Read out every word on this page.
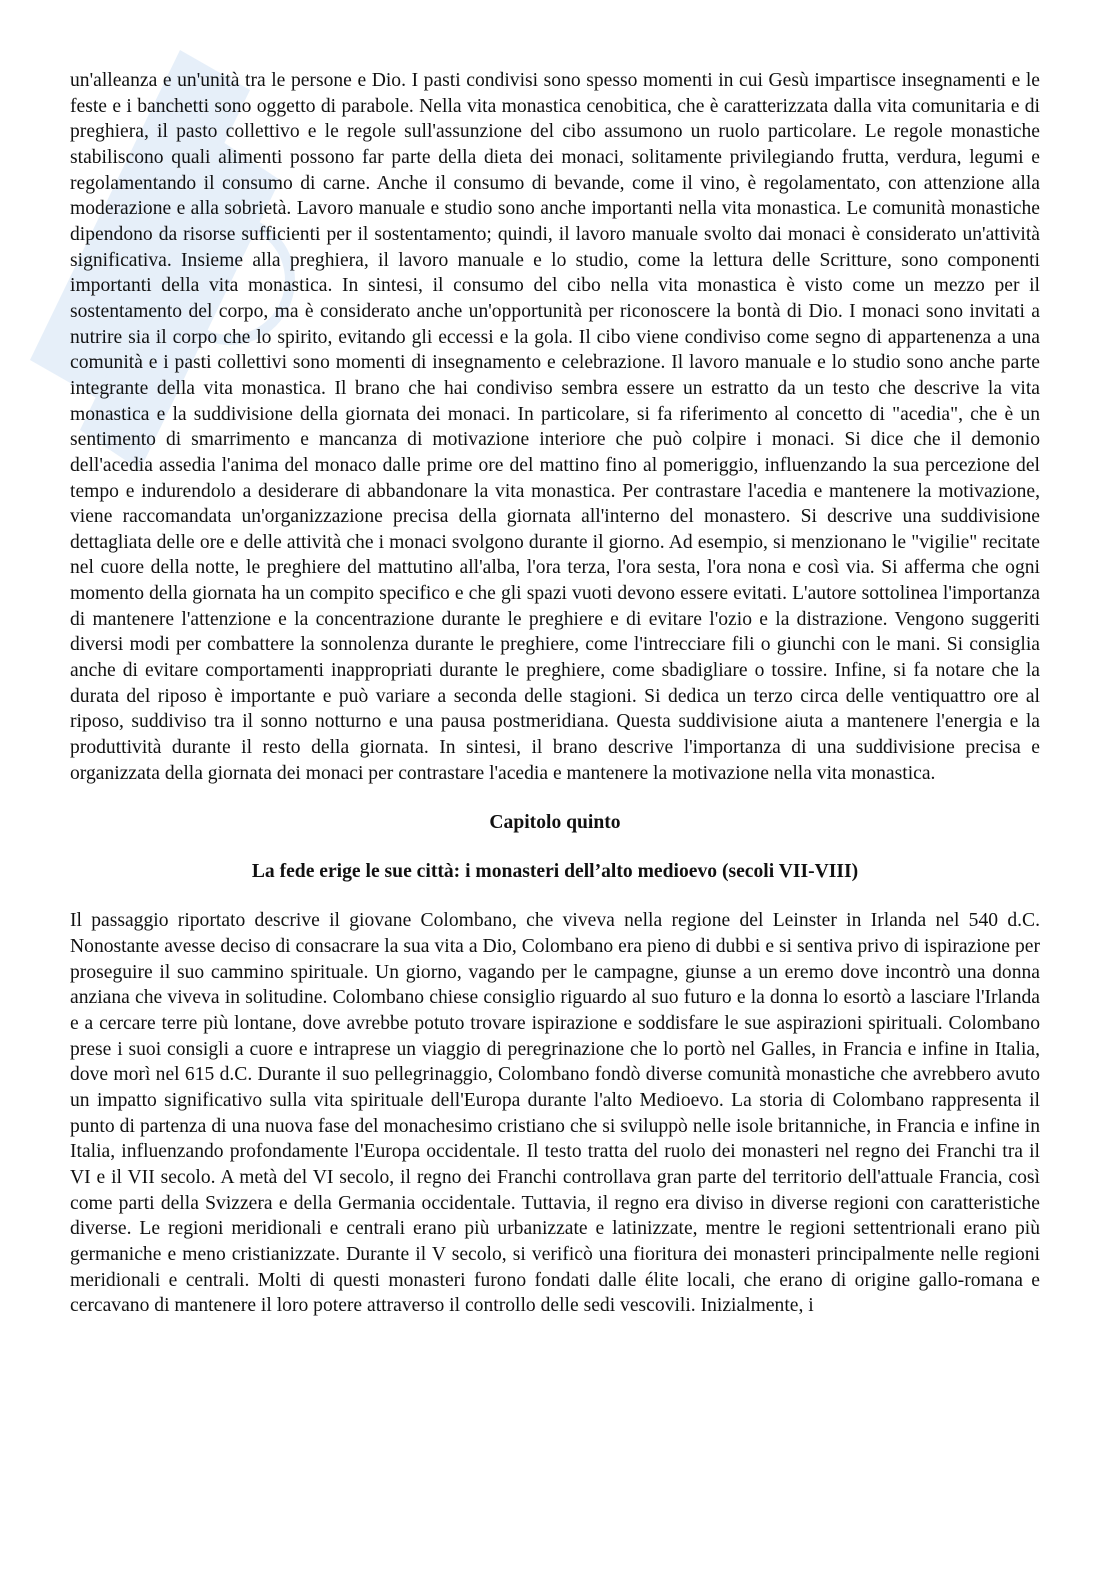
un'alleanza e un'unità tra le persone e Dio. I pasti condivisi sono spesso momenti in cui Gesù impartisce insegnamenti e le feste e i banchetti sono oggetto di parabole. Nella vita monastica cenobitica, che è caratterizzata dalla vita comunitaria e di preghiera, il pasto collettivo e le regole sull'assunzione del cibo assumono un ruolo particolare. Le regole monastiche stabiliscono quali alimenti possono far parte della dieta dei monaci, solitamente privilegiando frutta, verdura, legumi e regolamentando il consumo di carne. Anche il consumo di bevande, come il vino, è regolamentato, con attenzione alla moderazione e alla sobrietà. Lavoro manuale e studio sono anche importanti nella vita monastica. Le comunità monastiche dipendono da risorse sufficienti per il sostentamento; quindi, il lavoro manuale svolto dai monaci è considerato un'attività significativa. Insieme alla preghiera, il lavoro manuale e lo studio, come la lettura delle Scritture, sono componenti importanti della vita monastica. In sintesi, il consumo del cibo nella vita monastica è visto come un mezzo per il sostentamento del corpo, ma è considerato anche un'opportunità per riconoscere la bontà di Dio. I monaci sono invitati a nutrire sia il corpo che lo spirito, evitando gli eccessi e la gola. Il cibo viene condiviso come segno di appartenenza a una comunità e i pasti collettivi sono momenti di insegnamento e celebrazione. Il lavoro manuale e lo studio sono anche parte integrante della vita monastica. Il brano che hai condiviso sembra essere un estratto da un testo che descrive la vita monastica e la suddivisione della giornata dei monaci. In particolare, si fa riferimento al concetto di "acedia", che è un sentimento di smarrimento e mancanza di motivazione interiore che può colpire i monaci. Si dice che il demonio dell'acedia assedia l'anima del monaco dalle prime ore del mattino fino al pomeriggio, influenzando la sua percezione del tempo e indurendolo a desiderare di abbandonare la vita monastica. Per contrastare l'acedia e mantenere la motivazione, viene raccomandata un'organizzazione precisa della giornata all'interno del monastero. Si descrive una suddivisione dettagliata delle ore e delle attività che i monaci svolgono durante il giorno. Ad esempio, si menzionano le "vigilie" recitate nel cuore della notte, le preghiere del mattutino all'alba, l'ora terza, l'ora sesta, l'ora nona e così via. Si afferma che ogni momento della giornata ha un compito specifico e che gli spazi vuoti devono essere evitati. L'autore sottolinea l'importanza di mantenere l'attenzione e la concentrazione durante le preghiere e di evitare l'ozio e la distrazione. Vengono suggeriti diversi modi per combattere la sonnolenza durante le preghiere, come l'intrecciare fili o giunchi con le mani. Si consiglia anche di evitare comportamenti inappropriati durante le preghiere, come sbadigliare o tossire. Infine, si fa notare che la durata del riposo è importante e può variare a seconda delle stagioni. Si dedica un terzo circa delle ventiquattro ore al riposo, suddiviso tra il sonno notturno e una pausa postmeridiana. Questa suddivisione aiuta a mantenere l'energia e la produttività durante il resto della giornata. In sintesi, il brano descrive l'importanza di una suddivisione precisa e organizzata della giornata dei monaci per contrastare l'acedia e mantenere la motivazione nella vita monastica.

Capitolo quinto
La fede erige le sue città: i monasteri dell’alto medioevo (secoli VII-VIII)

Il passaggio riportato descrive il giovane Colombano, che viveva nella regione del Leinster in Irlanda nel 540 d.C. Nonostante avesse deciso di consacrare la sua vita a Dio, Colombano era pieno di dubbi e si sentiva privo di ispirazione per proseguire il suo cammino spirituale. Un giorno, vagando per le campagne, giunse a un eremo dove incontrò una donna anziana che viveva in solitudine. Colombano chiese consiglio riguardo al suo futuro e la donna lo esortò a lasciare l'Irlanda e a cercare terre più lontane, dove avrebbe potuto trovare ispirazione e soddisfare le sue aspirazioni spirituali. Colombano prese i suoi consigli a cuore e intraprese un viaggio di peregrinazione che lo portò nel Galles, in Francia e infine in Italia, dove morì nel 615 d.C. Durante il suo pellegrinaggio, Colombano fondò diverse comunità monastiche che avrebbero avuto un impatto significativo sulla vita spirituale dell'Europa durante l'alto Medioevo. La storia di Colombano rappresenta il punto di partenza di una nuova fase del monachesimo cristiano che si sviluppò nelle isole britanniche, in Francia e infine in Italia, influenzando profondamente l'Europa occidentale. Il testo tratta del ruolo dei monasteri nel regno dei Franchi tra il VI e il VII secolo. A metà del VI secolo, il regno dei Franchi controllava gran parte del territorio dell'attuale Francia, così come parti della Svizzera e della Germania occidentale. Tuttavia, il regno era diviso in diverse regioni con caratteristiche diverse. Le regioni meridionali e centrali erano più urbanizzate e latinizzate, mentre le regioni settentrionali erano più germaniche e meno cristianizzate. Durante il V secolo, si verificò una fioritura dei monasteri principalmente nelle regioni meridionali e centrali. Molti di questi monasteri furono fondati dalle élite locali, che erano di origine gallo-romana e cercavano di mantenere il loro potere attraverso il controllo delle sedi vescovili. Inizialmente, i
